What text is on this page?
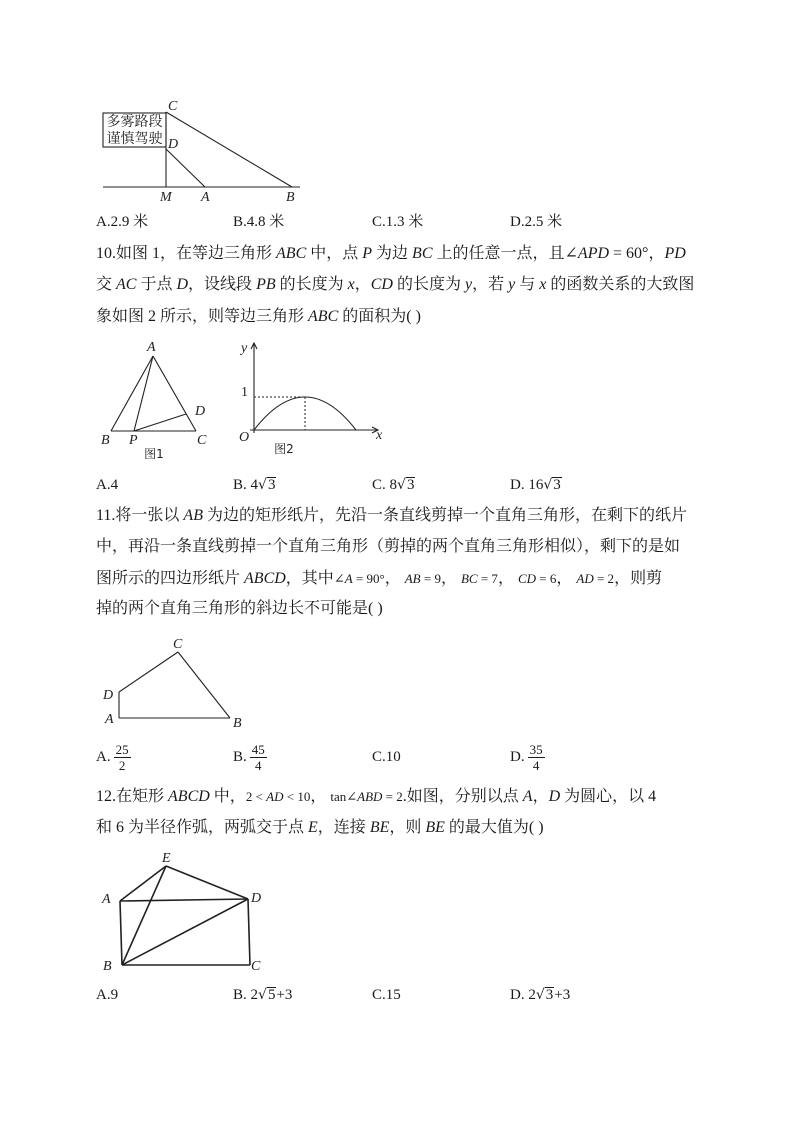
多雾路段
谨慎驾驶
C
D
M A	B
A
B	C
P
D
图1
y
x
O
1
图2
C
D
A	B
E
A	D
B	C
A.2.9 米	B.4.8 米	C.1.3 米	D.2.5 米
10.如图 1，在等边三角形 ABC 中，点 P 为边 BC 上的任意一点，且∠APD = 60°，PD
交 AC 于点 D，设线段 PB 的长度为 x，CD 的长度为 y，若 y 与 x 的函数关系的大致图
象如图 2 所示，则等边三角形 ABC 的面积为( )
A.4	B. 4√3	C. 8√3	D. 16√3
11.将一张以 AB 为边的矩形纸片，先沿一条直线剪掉一个直角三角形，在剩下的纸片
中，再沿一条直线剪掉一个直角三角形（剪掉的两个直角三角形相似），剩下的是如
图所示的四边形纸片 ABCD，其中∠A = 90°， AB = 9， BC = 7， CD = 6， AD = 2，则剪
掉的两个直角三角形的斜边长不可能是( )
A. $\frac{25}{2}$	B. $\frac{45}{4}$	C.10	D. $\frac{35}{4}$
12.在矩形 ABCD 中，2 < AD < 10， tan∠ABD = 2.如图，分别以点 A，D 为圆心，以 4
和 6 为半径作弧，两弧交于点 E，连接 BE，则 BE 的最大值为( )
A.9	B. 2√5+3	C.15	D. 2√3+3
